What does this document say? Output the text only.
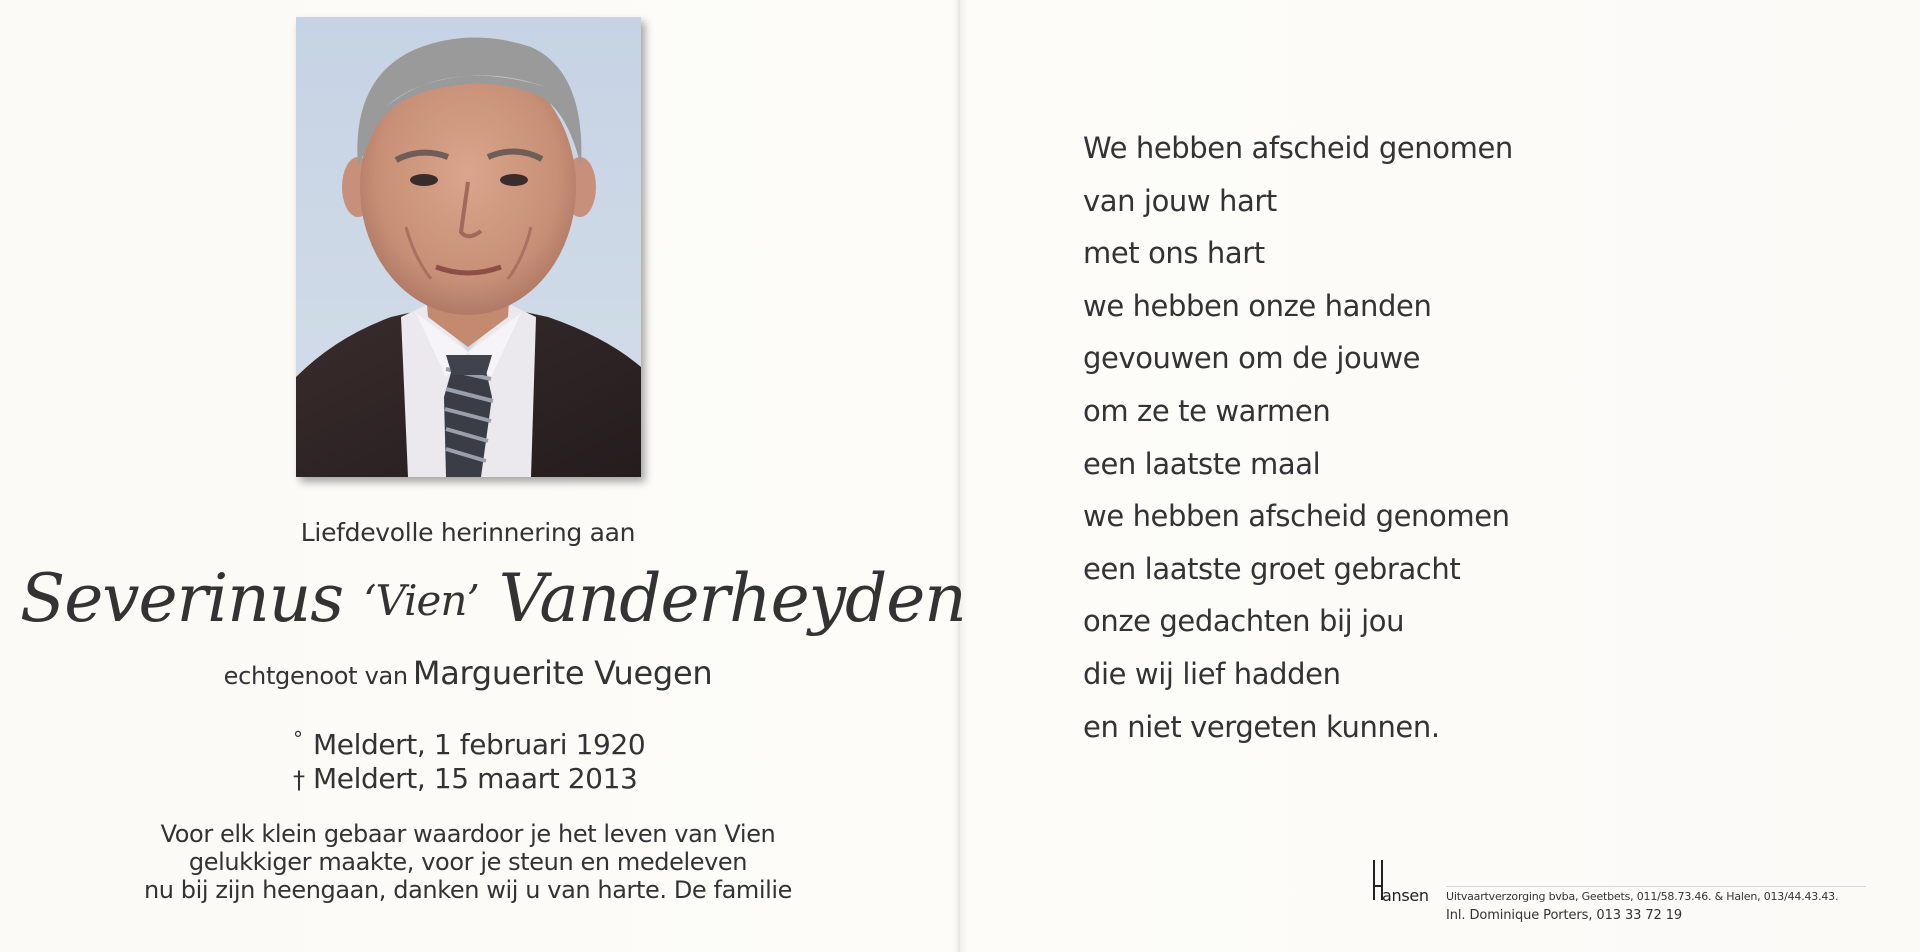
Liefdevolle herinnering aan
Severinus ‘Vien’ Vanderheyden
echtgenoot van Marguerite Vuegen
° Meldert, 1 februari 1920
† Meldert, 15 maart 2013
Voor elk klein gebaar waardoor je het leven van Vien
gelukkiger maakte, voor je steun en medeleven
nu bij zijn heengaan, danken wij u van harte. De familie
We hebben afscheid genomen
van jouw hart
met ons hart
we hebben onze handen
gevouwen om de jouwe
om ze te warmen
een laatste maal
we hebben afscheid genomen
een laatste groet gebracht
onze gedachten bij jou
die wij lief hadden
en niet vergeten kunnen.
ansen Uitvaartverzorging bvba, Geetbets, 011/58.73.46. & Halen, 013/44.43.43.
Inl. Dominique Porters, 013 33 72 19
